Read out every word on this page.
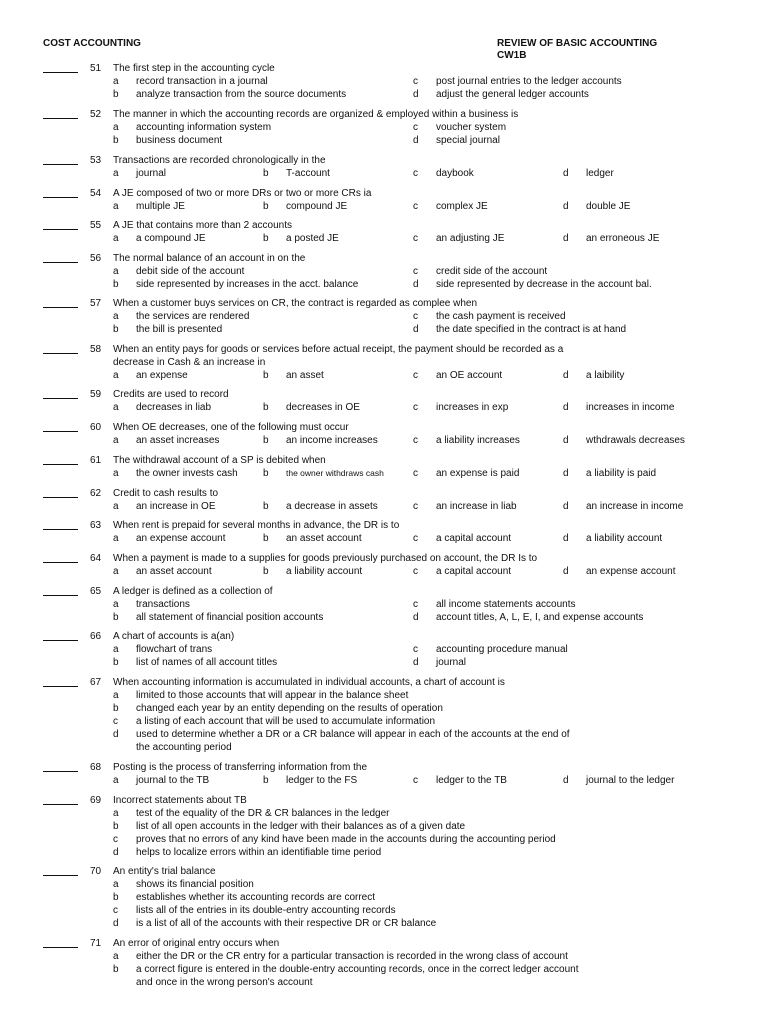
COST ACCOUNTING	REVIEW OF BASIC ACCOUNTING
CW1B
51 The first step in the accounting cycle
a record transaction in a journal	c post journal entries to the ledger accounts
b analyze transaction from the source documents	d adjust the general ledger accounts
52 The manner in which the accounting records are organized & employed within a business is
a accounting information system	c voucher system
b business document	d special journal
53 Transactions are recorded chronologically in the
a journal	b T-account	c daybook	d ledger
54 A JE composed of two or more DRs or two or more CRs ia
a multiple JE	b compound JE	c complex JE	d double JE
55 A JE that contains more than 2 accounts
a a compound JE	b a posted JE	c an adjusting JE	d an erroneous JE
56 The normal balance of an account in on the
a debit side of the account	c credit side of the account
b side represented by increases in the acct. balance	d side represented by decrease in the account bal.
57 When a customer buys services on CR, the contract is regarded as complee when
a the services are rendered	c the cash payment is received
b the bill is presented	d the date specified in the contract is at hand
58 When an entity pays for goods or services before actual receipt, the payment should be recorded as a
decrease in Cash & an increase in
a an expense	b an asset	c an OE account	d a laibility
59 Credits are used to record
a decreases in liab	b decreases in OE	c increases in exp	d increases in income
60 When OE decreases, one of the following must occur
a an asset increases	b an income increases	c a liability increases	d wthdrawals decreases
61 The withdrawal account of a SP is debited when
a the owner invests cash	b the owner withdraws cash	c an expense is paid	d a liability is paid
62 Credit to cash results to
a an increase in OE	b a decrease in assets	c an increase in liab	d an increase in income
63 When rent is prepaid for several months in advance, the DR is to
a an expense account	b an asset account	c a capital account	d a liability account
64 When a payment is made to a supplies for goods previously purchased on account, the DR Is to
a an asset account	b a liability account	c a capital account	d an expense account
65 A ledger is defined as a collection of
a transactions	c all income statements accounts
b all statement of financial position accounts	d account titles, A, L, E, I, and expense accounts
66 A chart of accounts is a(an)
a flowchart of trans	c accounting procedure manual
b list of names of all account titles	d journal
67 When accounting information is accumulated in individual accounts, a chart of account is
a limited to those accounts that will appear in the balance sheet
b changed each year by an entity depending on the results of operation
c a listing of each account that will be used to accumulate information
d used to determine whether a DR or a CR balance will appear in each of the accounts at the end of
the accounting period
68 Posting is the process of transferring information from the
a journal to the TB	b ledger to the FS	c ledger to the TB	d journal to the ledger
69 Incorrect statements about TB
a test of the equality of the DR & CR balances in the ledger
b list of all open accounts in the ledger with their balances as of a given date
c proves that no errors of any kind have been made in the accounts during the accounting period
d helps to localize errors within an identifiable time period
70 An entity's trial balance
a shows its financial position
b establishes whether its accounting records are correct
c lists all of the entries in its double-entry accounting records
d is a list of all of the accounts with their respective DR or CR balance
71 An error of original entry occurs when
a either the DR or the CR entry for a particular transaction is recorded in the wrong class of account
b a correct figure is entered in the double-entry accounting records, once in the correct ledger account
and once in the wrong person's account
